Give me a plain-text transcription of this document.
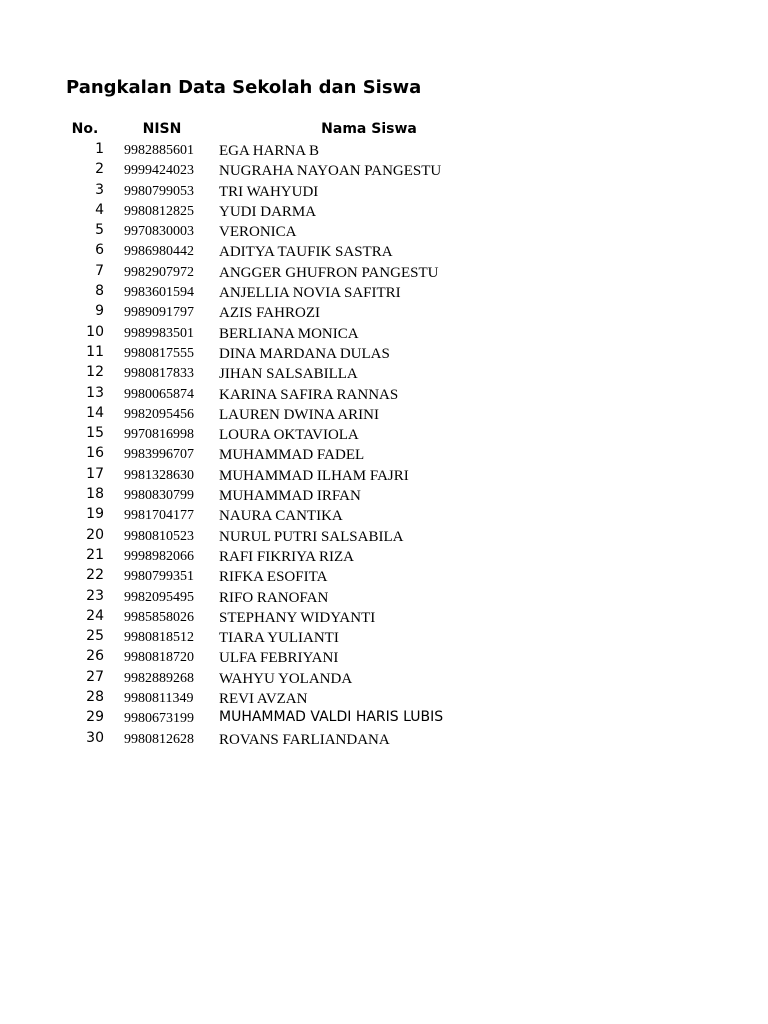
Pangkalan Data Sekolah dan Siswa
No.	NISN	Nama Siswa
1 9982885601 EGA HARNA B
2 9999424023 NUGRAHA NAYOAN PANGESTU
3 9980799053 TRI WAHYUDI
4 9980812825 YUDI DARMA
5 9970830003 VERONICA
6 9986980442 ADITYA TAUFIK SASTRA
7 9982907972 ANGGER GHUFRON PANGESTU
8 9983601594 ANJELLIA NOVIA SAFITRI
9 9989091797 AZIS FAHROZI
10 9989983501 BERLIANA MONICA
11 9980817555 DINA MARDANA DULAS
12 9980817833 JIHAN SALSABILLA
13 9980065874 KARINA SAFIRA RANNAS
14 9982095456 LAUREN DWINA ARINI
15 9970816998 LOURA OKTAVIOLA
16 9983996707 MUHAMMAD FADEL
17 9981328630 MUHAMMAD ILHAM FAJRI
18 9980830799 MUHAMMAD IRFAN
19 9981704177 NAURA CANTIKA
20 9980810523 NURUL PUTRI SALSABILA
21 9998982066 RAFI FIKRIYA RIZA
22 9980799351 RIFKA ESOFITA
23 9982095495 RIFO RANOFAN
24 9985858026 STEPHANY WIDYANTI
25 9980818512 TIARA YULIANTI
26 9980818720 ULFA FEBRIYANI
27 9982889268 WAHYU YOLANDA
28 9980811349 REVI AVZAN
29 9980673199 MUHAMMAD VALDI HARIS LUBIS
30 9980812628 ROVANS FARLIANDANA
